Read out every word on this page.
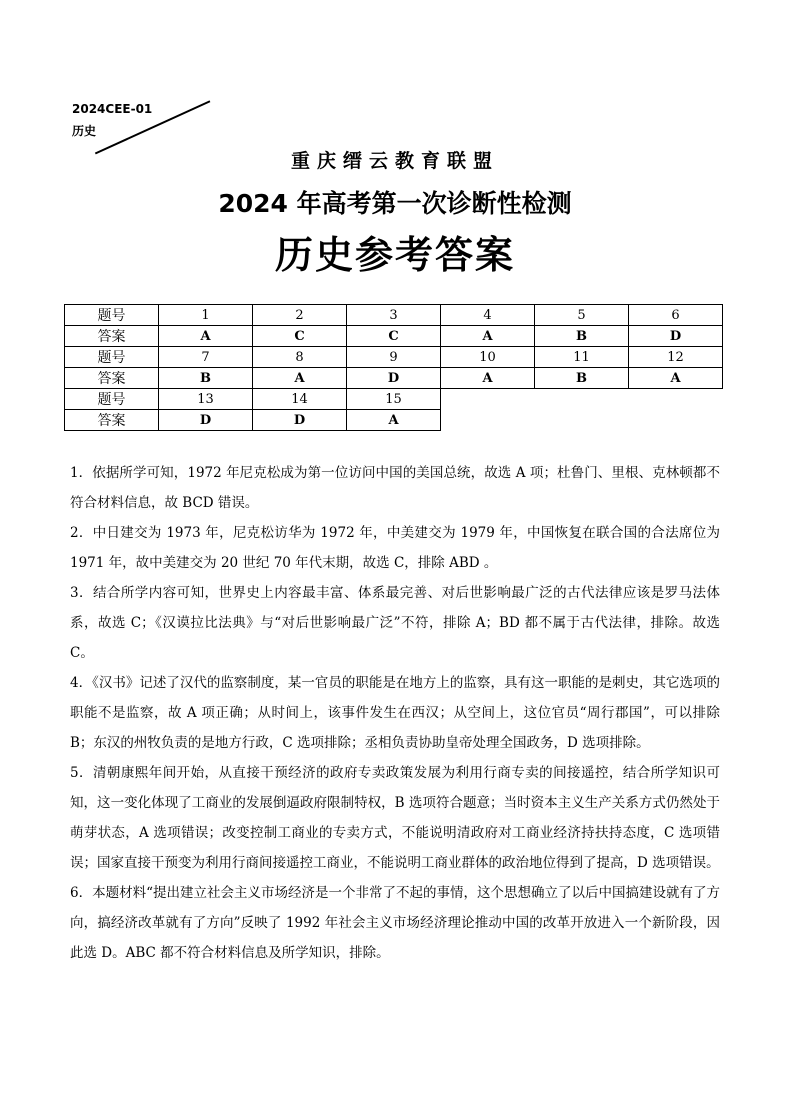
2024CEE-01
历史
重庆缙云教育联盟
2024 年高考第一次诊断性检测
历史参考答案
题号	1	2	3	4	5	6
答案	A	C	C	A	B	D
题号	7	8	9	10	11	12
答案	B	A	D	A	B	A
题号	13	14	15			
答案	D	D	A			

1．依据所学可知，1972 年尼克松成为第一位访问中国的美国总统，故选 A 项；杜鲁门、里根、克林顿都不符合材料信息，故 BCD 错误。

2．中日建交为 1973 年，尼克松访华为 1972 年，中美建交为 1979 年，中国恢复在联合国的合法席位为 1971 年，故中美建交为 20 世纪 70 年代末期，故选 C，排除 ABD 。

3．结合所学内容可知，世界史上内容最丰富、体系最完善、对后世影响最广泛的古代法律应该是罗马法体系，故选 C；《汉谟拉比法典》与“对后世影响最广泛”不符，排除 A；BD 都不属于古代法律，排除。故选 C。

4．《汉书》记述了汉代的监察制度，某一官员的职能是在地方上的监察，具有这一职能的是刺史，其它选项的职能不是监察，故 A 项正确；从时间上，该事件发生在西汉；从空间上，这位官员“周行郡国”，可以排除 B；东汉的州牧负责的是地方行政，C 选项排除；丞相负责协助皇帝处理全国政务，D 选项排除。

5．清朝康熙年间开始，从直接干预经济的政府专卖政策发展为利用行商专卖的间接遥控，结合所学知识可知，这一变化体现了工商业的发展倒逼政府限制特权，B 选项符合题意；当时资本主义生产关系方式仍然处于萌芽状态，A 选项错误；改变控制工商业的专卖方式，不能说明清政府对工商业经济持扶持态度，C 选项错误；国家直接干预变为利用行商间接遥控工商业，不能说明工商业群体的政治地位得到了提高，D 选项错误。

6．本题材料“提出建立社会主义市场经济是一个非常了不起的事情，这个思想确立了以后中国搞建设就有了方向，搞经济改革就有了方向”反映了 1992 年社会主义市场经济理论推动中国的改革开放进入一个新阶段，因此选 D。ABC 都不符合材料信息及所学知识，排除。
